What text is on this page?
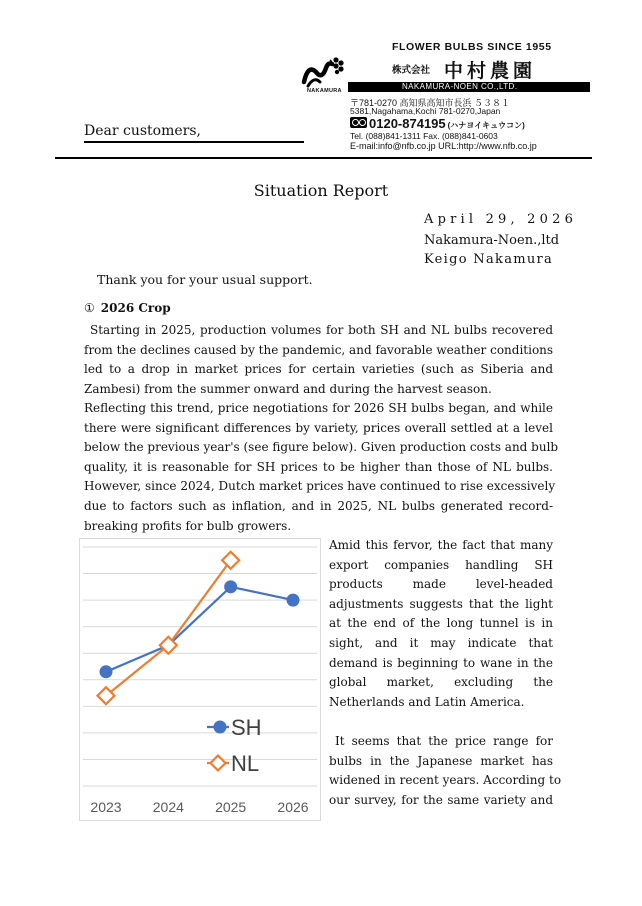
FLOWER BULBS SINCE 1955
NAKAMURA
株式会社 中村農園
NAKAMURA-NOEN CO.,LTD.
〒781-0270 高知県高知市長浜 ５３８１
5381,Nagahama,Kochi 781-0270,Japan
0120-874195 (ハナヨイキュウコン)
Tel. (088)841-1311 Fax. (088)841-0603
E-mail:info@nfb.co.jp URL:http://www.nfb.co.jp
Dear customers,
Situation Report
April 29, 2026
Nakamura-Noen.,ltd
Keigo Nakamura
Thank you for your usual support.
① 2026 Crop
Starting in 2025, production volumes for both SH and NL bulbs recovered
from the declines caused by the pandemic, and favorable weather conditions
led to a drop in market prices for certain varieties (such as Siberia and
Zambesi) from the summer onward and during the harvest season.
Reflecting this trend, price negotiations for 2026 SH bulbs began, and while
there were significant differences by variety, prices overall settled at a level
below the previous year's (see figure below). Given production costs and bulb
quality, it is reasonable for SH prices to be higher than those of NL bulbs.
However, since 2024, Dutch market prices have continued to rise excessively
due to factors such as inflation, and in 2025, NL bulbs generated record-
breaking profits for bulb growers.
2023 2024 2025 2026
SH
NL
Amid this fervor, the fact that many
export companies handling SH
products made level-headed
adjustments suggests that the light
at the end of the long tunnel is in
sight, and it may indicate that
demand is beginning to wane in the
global market, excluding the
Netherlands and Latin America.
It seems that the price range for
bulbs in the Japanese market has
widened in recent years. According to
our survey, for the same variety and
